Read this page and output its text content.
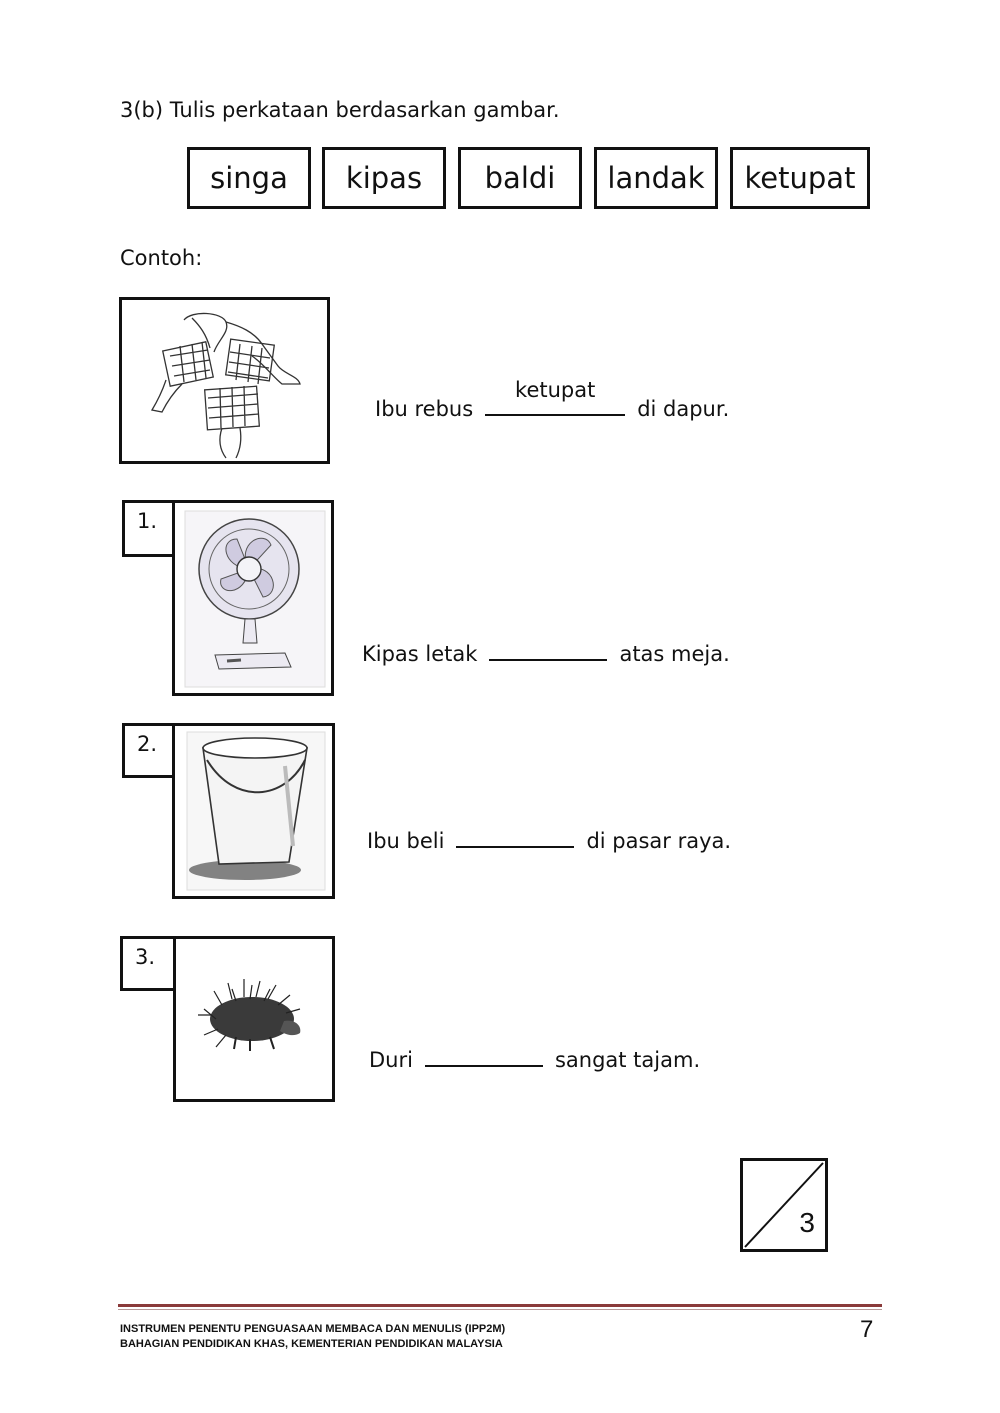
3(b) Tulis perkataan berdasarkan gambar.
singa	kipas	baldi	landak	ketupat
Contoh:
Ibu rebus
ketupat
di dapur.
1.
Kipas letak	atas meja.
2.
Ibu beli	di pasar raya.
3.
Duri	sangat tajam.
3
INSTRUMEN PENENTU PENGUASAAN MEMBACA DAN MENULIS (IPP2M)
BAHAGIAN PENDIDIKAN KHAS, KEMENTERIAN PENDIDIKAN MALAYSIA
7
